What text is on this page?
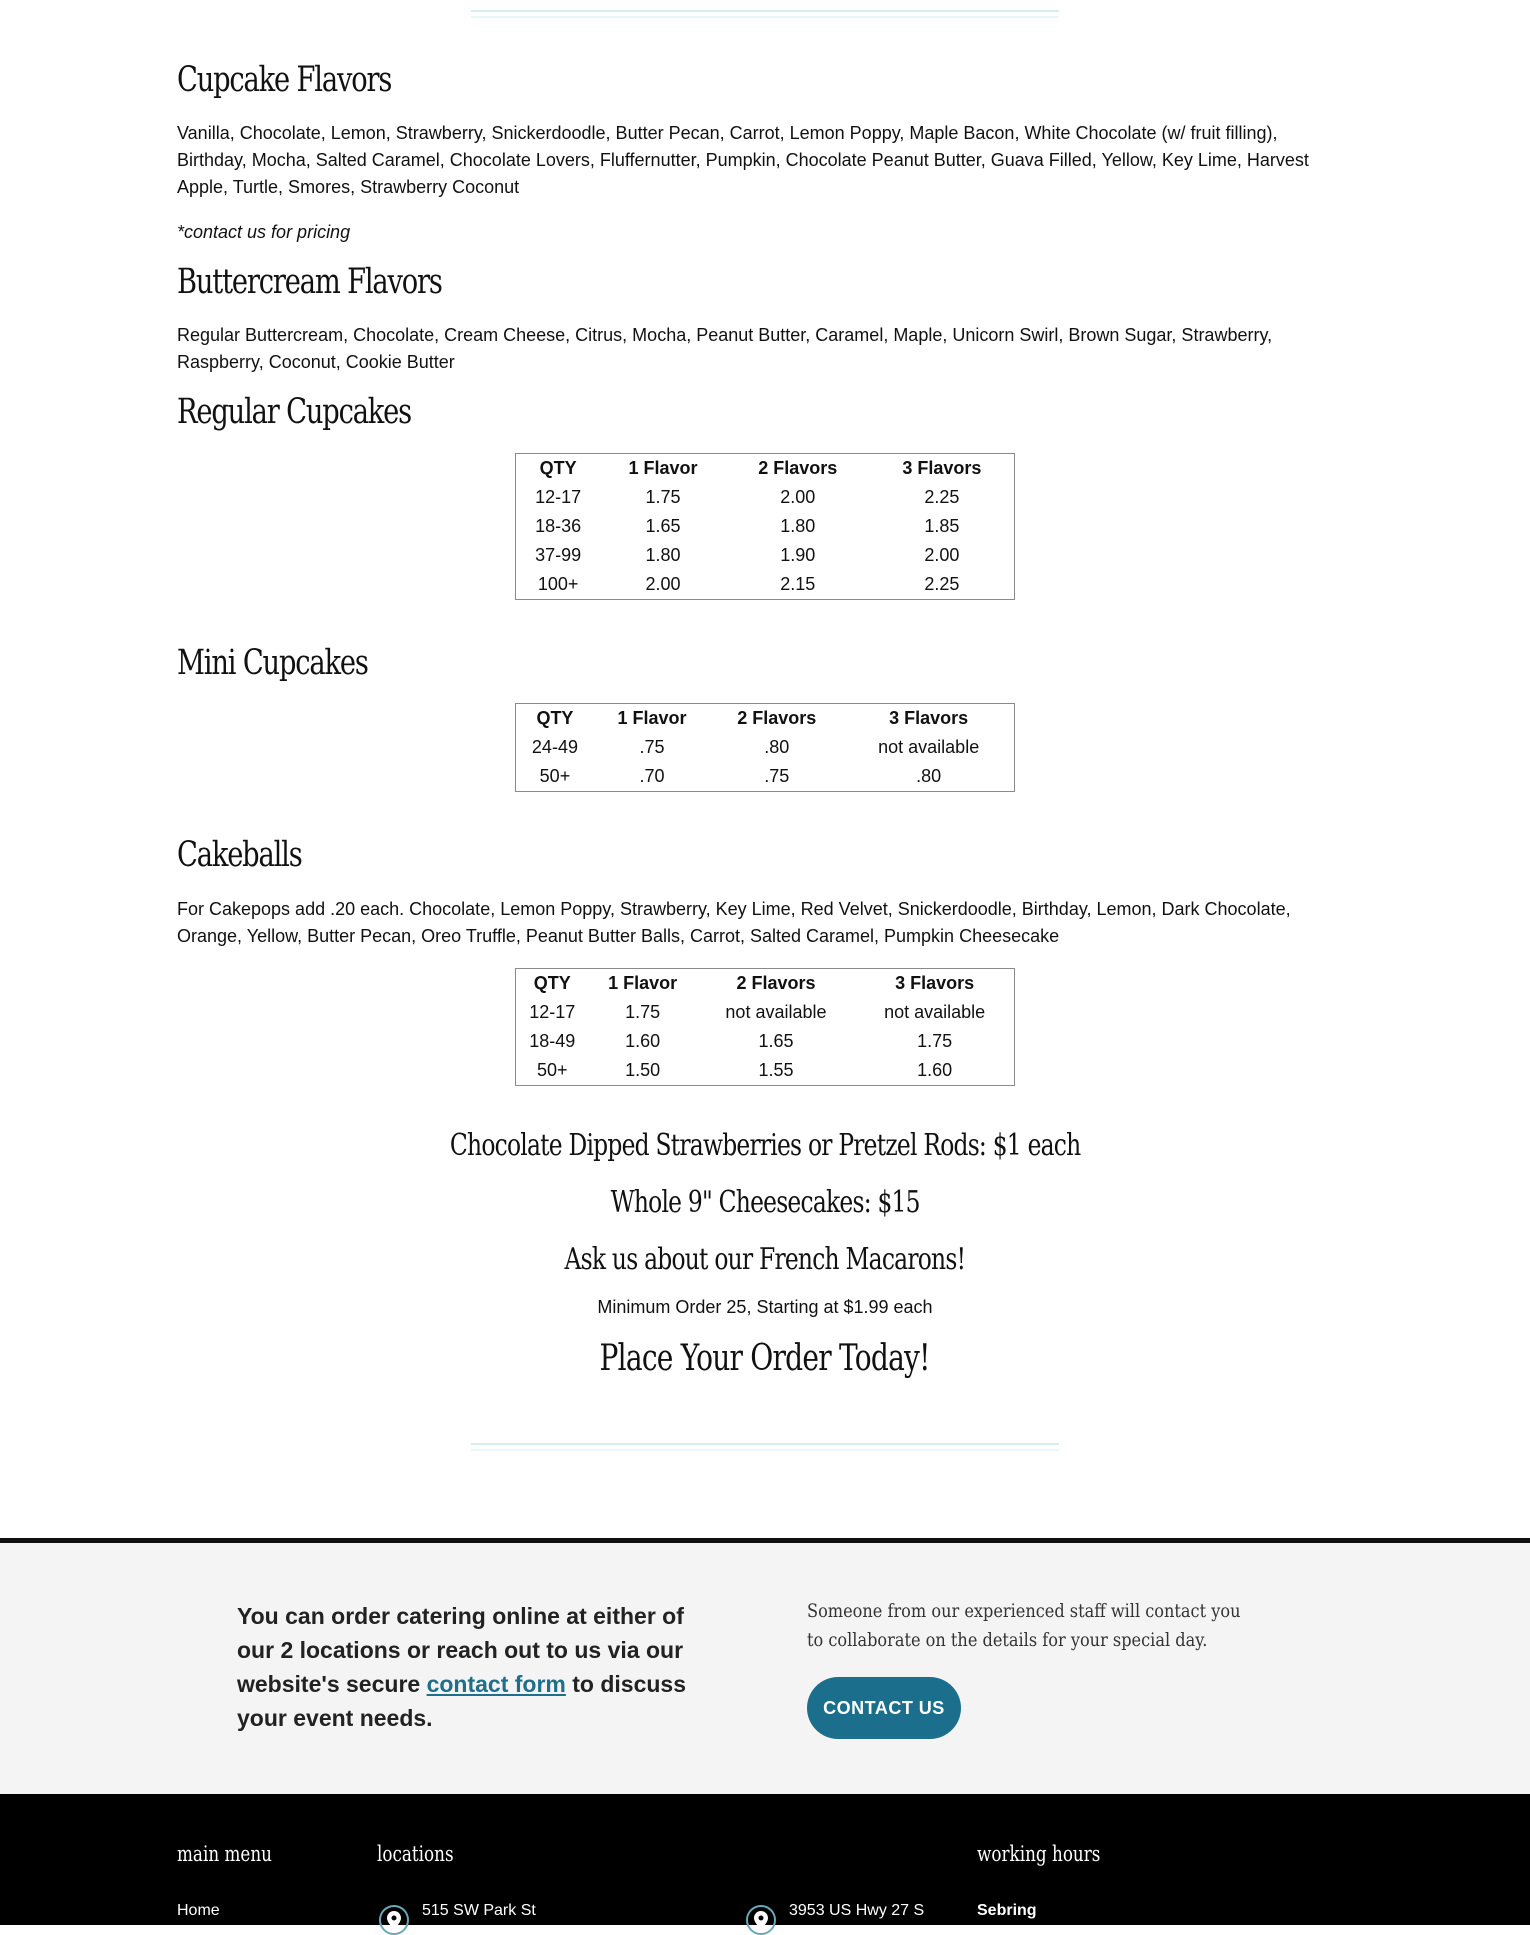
Cupcake Flavors

Vanilla, Chocolate, Lemon, Strawberry, Snickerdoodle, Butter Pecan, Carrot, Lemon Poppy, Maple Bacon, White Chocolate (w/ fruit filling), Birthday, Mocha, Salted Caramel, Chocolate Lovers, Fluffernutter, Pumpkin, Chocolate Peanut Butter, Guava Filled, Yellow, Key Lime, Harvest Apple, Turtle, Smores, Strawberry Coconut

*contact us for pricing

Buttercream Flavors

Regular Buttercream, Chocolate, Cream Cheese, Citrus, Mocha, Peanut Butter, Caramel, Maple, Unicorn Swirl, Brown Sugar, Strawberry, Raspberry, Coconut, Cookie Butter

Regular Cupcakes
QTY	1 Flavor	2 Flavors	3 Flavors
12-17	1.75	2.00	2.25
18-36	1.65	1.80	1.85
37-99	1.80	1.90	2.00
100+	2.00	2.15	2.25
Mini Cupcakes
QTY	1 Flavor	2 Flavors	3 Flavors
24-49	.75	.80	not available
50+	.70	.75	.80
Cakeballs

For Cakepops add .20 each. Chocolate, Lemon Poppy, Strawberry, Key Lime, Red Velvet, Snickerdoodle, Birthday, Lemon, Dark Chocolate, Orange, Yellow, Butter Pecan, Oreo Truffle, Peanut Butter Balls, Carrot, Salted Caramel, Pumpkin Cheesecake

QTY	1 Flavor	2 Flavors	3 Flavors
12-17	1.75	not available	not available
18-49	1.60	1.65	1.75
50+	1.50	1.55	1.60
Chocolate Dipped Strawberries or Pretzel Rods: $1 each
Whole 9" Cheesecakes: $15
Ask us about our French Macarons!
Minimum Order 25, Starting at $1.99 each
Place Your Order Today!
You can order catering online at either of our 2 locations or reach out to us via our website's secure contact form to discuss your event needs.
Someone from our experienced staff will contact you to collaborate on the details for your special day.
CONTACT US
main menu
Home
locations
515 SW Park St	3953 US Hwy 27 S
working hours
Sebring
